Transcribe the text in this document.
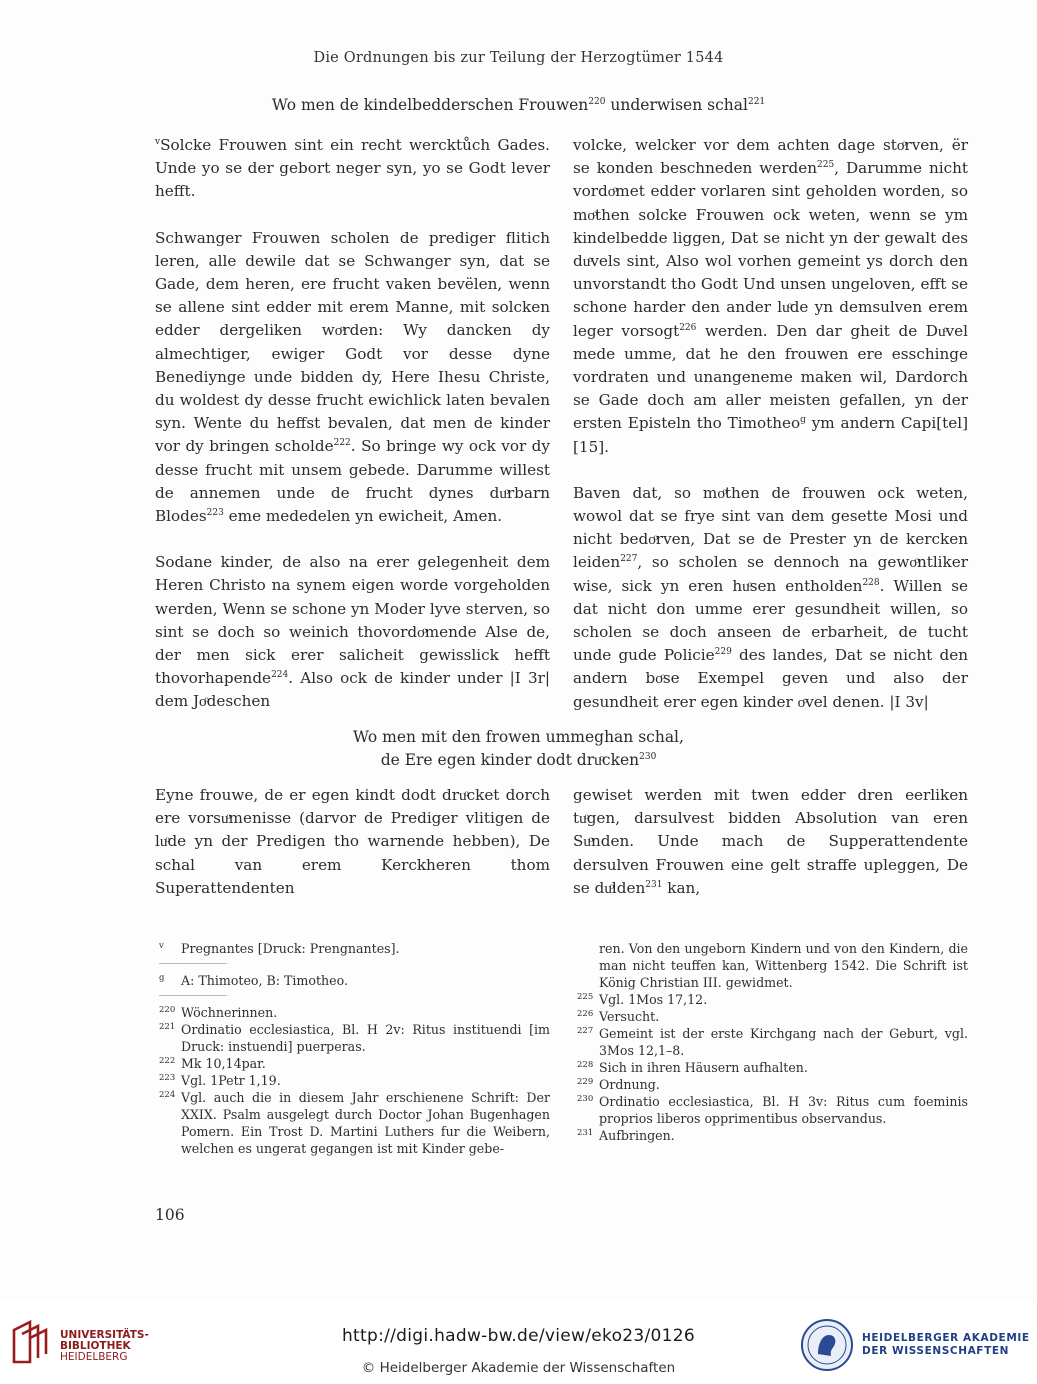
Die Ordnungen bis zur Teilung der Herzogtümer 1544
Wo men de kindelbedderschen Frouwen$^{220}$ underwisen schal$^{221}$

$^v$Solcke Frouwen sint ein recht wercktůch Gades. Unde yo se der gebort neger syn, yo se Godt lever hefft.

Schwanger Frouwen scholen de prediger flitich leren, alle dewile dat se Schwanger syn, dat se Gade, dem heren, ere frucht vaken bevëlen, wenn se allene sint edder mit erem Manne, mit solcken edder dergeliken woͦrden: Wy dancken dy almechtiger, ewiger Godt vor desse dyne Benediynge unde bidden dy, Here Ihesu Christe, du woldest dy desse frucht ewichlick laten bevalen syn. Wente du heffst bevalen, dat men de kinder vor dy bringen scholde$^{222}$. So bringe wy ock vor dy desse frucht mit unsem gebede. Darumme willest de annemen unde de frucht dynes duͦrbarn Blodes$^{223}$ eme mededelen yn ewicheit, Amen.

Sodane kinder, de also na erer gelegenheit dem Heren Christo na synem eigen worde vorgeholden werden, Wenn se schone yn Moder lyve sterven, so sint se doch so weinich thovordoͦmende Alse de, der men sick erer salicheit gewisslick hefft thovorhapende$^{224}$. Also ock de kinder under |I 3r| dem Joͦdeschen

volcke, welcker vor dem achten dage stoͦrven, ër se konden beschneden werden$^{225}$, Darumme nicht vordoͦmet edder vorlaren sint geholden worden, so moͦthen solcke Frouwen ock weten, wenn se ym kindelbedde liggen, Dat se nicht yn der gewalt des duͦvels sint, Also wol vorhen gemeint ys dorch den unvorstandt tho Godt Und unsen ungeloven, efft se schone harder den ander luͦde yn demsulven erem leger vorsogt$^{226}$ werden. Den dar gheit de Duͦvel mede umme, dat he den frouwen ere esschinge vordraten und unangeneme maken wil, Dardorch se Gade doch am aller meisten gefallen, yn der ersten Episteln tho Timotheo$^g$ ym andern Capi[tel] [15].

Baven dat, so moͦthen de frouwen ock weten, wowol dat se frye sint van dem gesette Mosi und nicht bedoͦrven, Dat se de Prester yn de kercken leiden$^{227}$, so scholen se dennoch na gewoͦntliker wise, sick yn eren huͦsen entholden$^{228}$. Willen se dat nicht don umme erer gesundheit willen, so scholen se doch anseen de erbarheit, de tucht unde gude Policie$^{229}$ des landes, Dat se nicht den andern boͦse Exempel geven und also der gesundheit erer egen kinder oͦvel denen. |I 3v|

Wo men mit den frowen ummeghan schal,
de Ere egen kinder dodt druͦcken$^{230}$

Eyne frouwe, de er egen kindt dodt druͦcket dorch ere vorsuͦmenisse (darvor de Prediger vlitigen de luͦde yn der Predigen tho warnende hebben), De schal van erem Kerckheren thom Superattendenten

gewiset werden mit twen edder dren eerliken tuͦgen, darsulvest bidden Absolution van eren Suͦnden. Unde mach de Supperattendente dersulven Frouwen eine gelt straffe upleggen, De se duͦlden$^{231}$ kan,

v	Pregnantes [Druck: Prengnantes].
g	A: Thimoteo, B: Timotheo.
220 Wöchnerinnen.
221 Ordinatio ecclesiastica, Bl. H 2v: Ritus instituendi [im Druck: instuendi] puerperas.
222 Mk 10,14par.
223 Vgl. 1Petr 1,19.
224 Vgl. auch die in diesem Jahr erschienene Schrift: Der XXIX. Psalm ausgelegt durch Doctor Johan Bugenhagen Pomern. Ein Trost D. Martini Luthers fur die Weibern, welchen es ungerat gegangen ist mit Kinder gebe-
ren. Von den ungeborn Kindern und von den Kindern, die man nicht teuffen kan, Wittenberg 1542. Die Schrift ist König Christian III. gewidmet.
225 Vgl. 1Mos 17,12.
226 Versucht.
227 Gemeint ist der erste Kirchgang nach der Geburt, vgl. 3Mos 12,1–8.
228 Sich in ihren Häusern aufhalten.
229 Ordnung.
230 Ordinatio ecclesiastica, Bl. H 3v: Ritus cum foeminis proprios liberos opprimentibus observandus.
231 Aufbringen.
106
UNIVERSITÄTS-
BIBLIOTHEK
HEIDELBERG
http://digi.hadw-bw.de/view/eko23/0126
© Heidelberger Akademie der Wissenschaften
HEIDELBERGER AKADEMIE
DER WISSENSCHAFTEN
